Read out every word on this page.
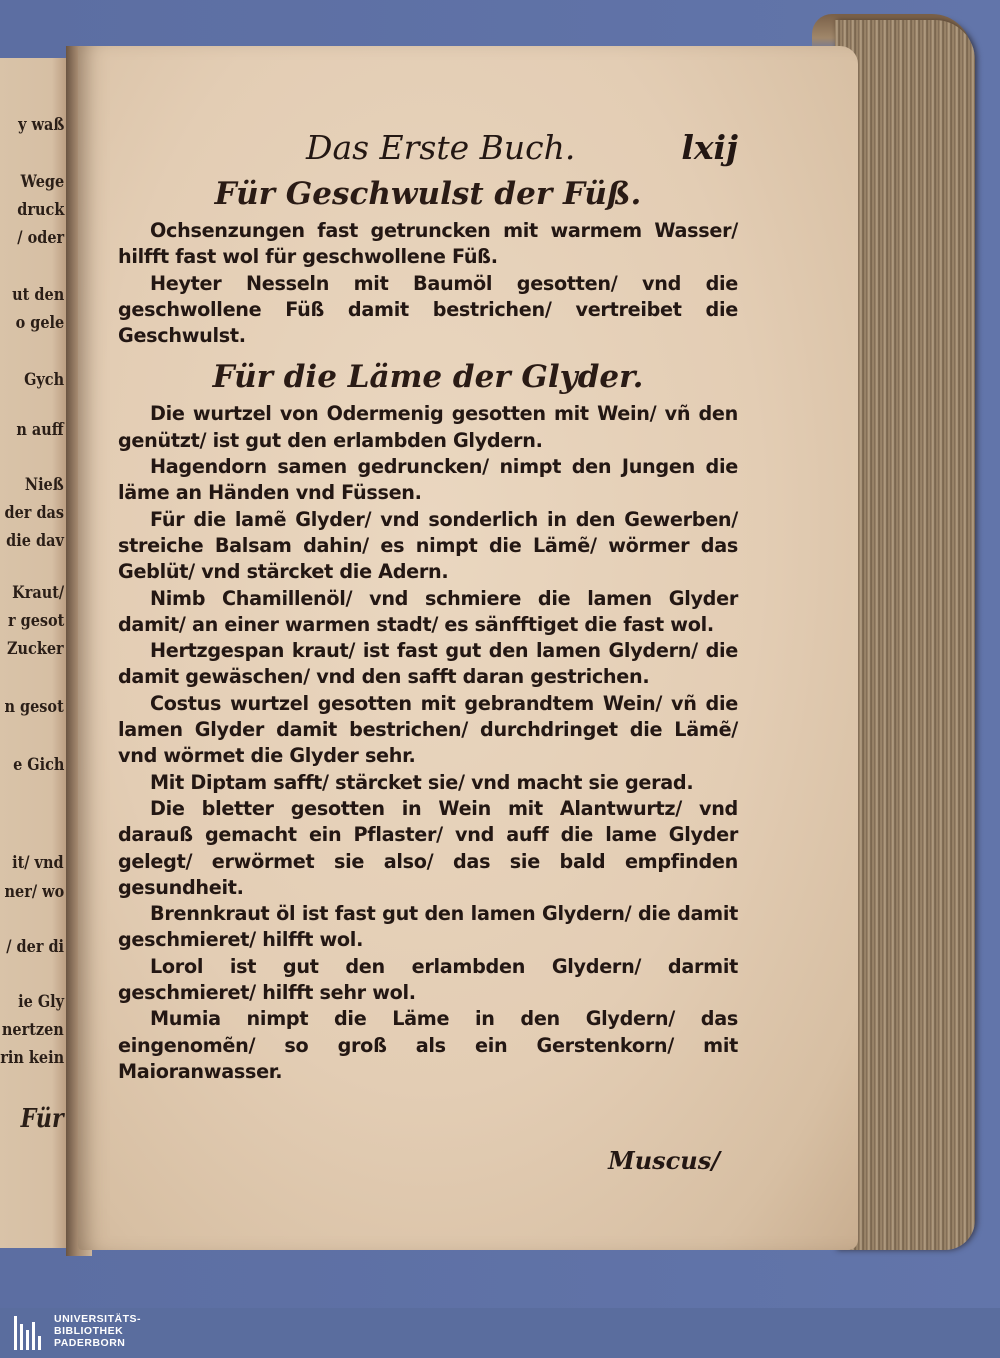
y waß
Wege
druck
/ oder
ut den
o gele
Gych
n auff
Nieß
der das
die dav
Kraut/
r gesot
Zucker
n gesot
e Gich
it/ vnd
ner/ wo
/ der di
ie Gly
nertzen
rin kein
Für
Das Erste Buch.	lxij
Für Geschwulst der Füß.
Ochsenzungen fast getruncken mit warmem Wasser/ hilfft fast wol für geschwollene Füß.
Heyter Nesseln mit Baumöl gesotten/ vnd die geschwollene Füß damit bestrichen/ vertreibet die Geschwulst.
Für die Läme der Glyder.
Die wurtzel von Odermenig gesotten mit Wein/ vñ den genützt/ ist gut den erlambden Glydern.
Hagendorn samen gedruncken/ nimpt den Jungen die läme an Händen vnd Füssen.
Für die lamẽ Glyder/ vnd sonderlich in den Gewerben/ streiche Balsam dahin/ es nimpt die Lämẽ/ wörmer das Geblüt/ vnd stärcket die Adern.
Nimb Chamillenöl/ vnd schmiere die lamen Glyder damit/ an einer warmen stadt/ es sänfftiget die fast wol.
Hertzgespan kraut/ ist fast gut den lamen Glydern/ die damit gewäschen/ vnd den safft daran gestrichen.
Costus wurtzel gesotten mit gebrandtem Wein/ vñ die lamen Glyder damit bestrichen/ durchdringet die Lämẽ/ vnd wörmet die Glyder sehr.
Mit Diptam safft/ stärcket sie/ vnd macht sie gerad.
Die bletter gesotten in Wein mit Alantwurtz/ vnd darauß gemacht ein Pflaster/ vnd auff die lame Glyder gelegt/ erwörmet sie also/ das sie bald empfinden gesundheit.
Brennkraut öl ist fast gut den lamen Glydern/ die damit geschmieret/ hilfft wol.
Lorol ist gut den erlambden Glydern/ darmit geschmieret/ hilfft sehr wol.
Mumia nimpt die Läme in den Glydern/ das eingenomẽn/ so groß als ein Gerstenkorn/ mit Maioranwasser.
Muscus/
UNIVERSITÄTS-
BIBLIOTHEK
PADERBORN
